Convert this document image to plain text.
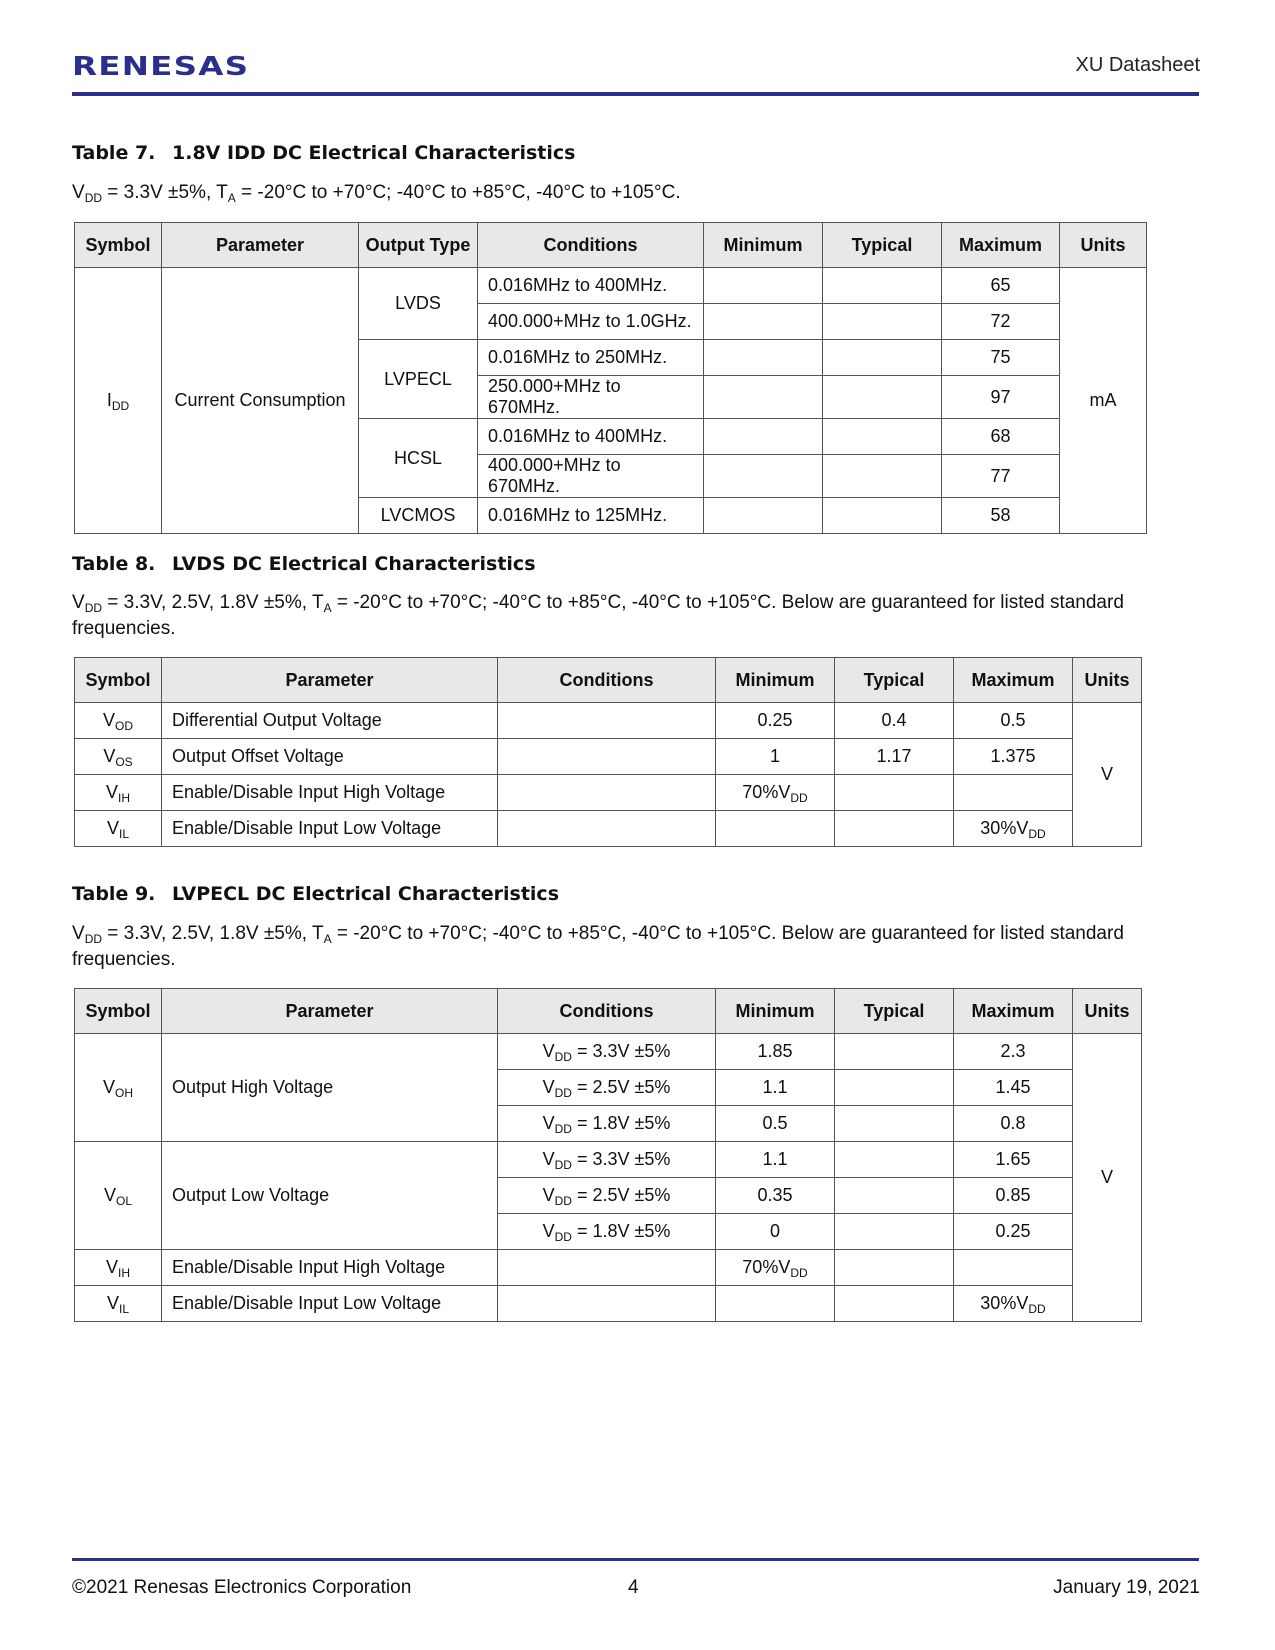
RENESAS	XU Datasheet
Table 7. 1.8V IDD DC Electrical Characteristics
$V_{DD} = 3.3V \pm 5\%$, $T_A = -20^\circ C$ to +70°C; -40°C to +85°C, -40°C to +105°C.
Symbol	Parameter	Output Type	Conditions	Minimum	Typical	Maximum	Units
$I_{DD}$	Current Consumption	LVDS	0.016MHz to 400MHz.			65	mA
			400.000+MHz to 1.0GHz.			72	
		LVPECL	0.016MHz to 250MHz.			75	
			250.000+MHz to 670MHz.			97	
		HCSL	0.016MHz to 400MHz.			68	
			400.000+MHz to 670MHz.			77	
		LVCMOS	0.016MHz to 125MHz.			58	
Table 8. LVDS DC Electrical Characteristics
$V_{DD} = 3.3V$, 2.5V, 1.8V ±5%, $T_A = -20^\circ C$ to +70°C; -40°C to +85°C, -40°C to +105°C. Below are guaranteed for listed standard frequencies.
Symbol	Parameter	Conditions	Minimum	Typical	Maximum	Units
$V_{OD}$	Differential Output Voltage		0.25	0.4	0.5	V
$V_{OS}$	Output Offset Voltage		1	1.17	1.375	
$V_{IH}$	Enable/Disable Input High Voltage		$70\%V_{DD}$		
$V_{IL}$	Enable/Disable Input Low Voltage				$30\%V_{DD}$
Table 9. LVPECL DC Electrical Characteristics
$V_{DD} = 3.3V$, 2.5V, 1.8V ±5%, $T_A = -20^\circ C$ to +70°C; -40°C to +85°C, -40°C to +105°C. Below are guaranteed for listed standard frequencies.
Symbol	Parameter	Conditions	Minimum	Typical	Maximum	Units
$V_{OH}$	Output High Voltage	$V_{DD} = 3.3V \pm 5\%$	1.85		2.3	V
		$V_{DD} = 2.5V \pm 5\%$	1.1		1.45	
		$V_{DD} = 1.8V \pm 5\%$	0.5		0.8	
$V_{OL}$	Output Low Voltage	$V_{DD} = 3.3V \pm 5\%$	1.1		1.65	
		$V_{DD} = 2.5V \pm 5\%$	0.35		0.85	
		$V_{DD} = 1.8V \pm 5\%$	0		0.25	
$V_{IH}$	Enable/Disable Input High Voltage		$70\%V_{DD}$		
$V_{IL}$	Enable/Disable Input Low Voltage				$30\%V_{DD}$
©2021 Renesas Electronics Corporation	4	January 19, 2021
